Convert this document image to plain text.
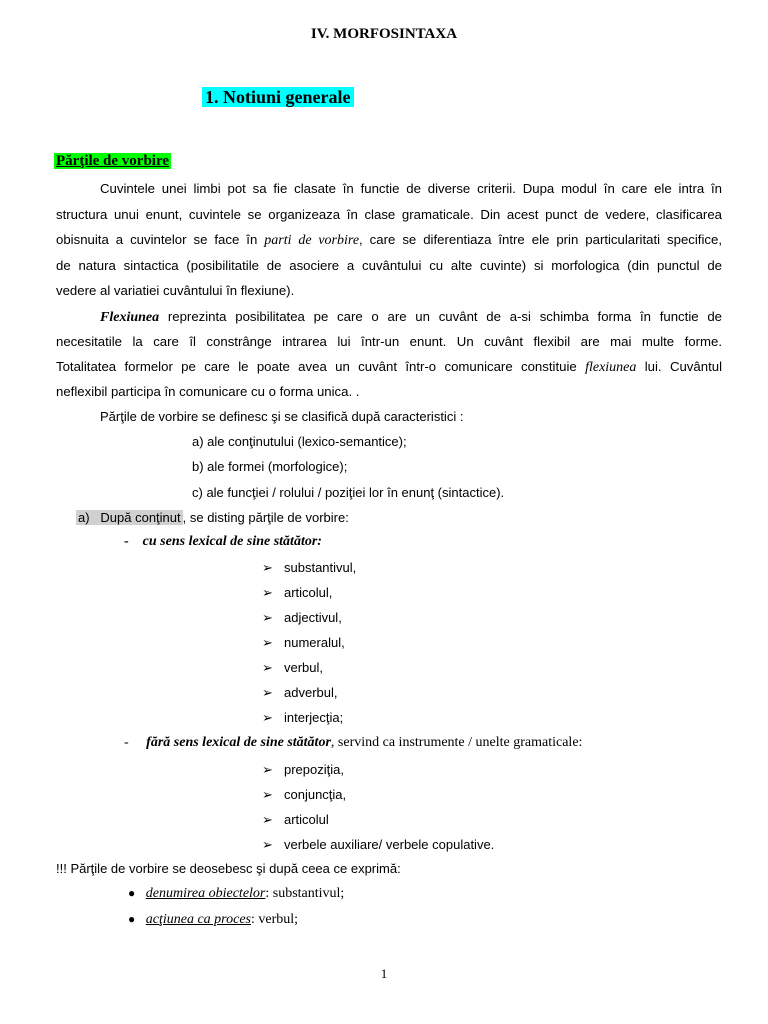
IV. MORFOSINTAXA
1. Notiuni generale
Părţile de vorbire
Cuvintele unei limbi pot sa fie clasate în functie de diverse criterii. Dupa modul în care ele intra în
structura unui enunt, cuvintele se organizeaza în clase gramaticale. Din acest punct de vedere, clasificarea
obisnuita a cuvintelor se face în parti de vorbire, care se diferentiaza între ele prin particularitati specifice,
de natura sintactica (posibilitatile de asociere a cuvântului cu alte cuvinte) si morfologica (din punctul de
vedere al variatiei cuvântului în flexiune).
Flexiunea reprezinta posibilitatea pe care o are un cuvânt de a-si schimba forma în functie de
necesitatile la care îl constrânge intrarea lui într-un enunt. Un cuvânt flexibil are mai multe forme.
Totalitatea formelor pe care le poate avea un cuvânt într-o comunicare constituie flexiunea lui. Cuvântul
neflexibil participa în comunicare cu o forma unica. .
Părţile de vorbire se definesc şi se clasifică după caracteristici :
a) ale conţinutului (lexico-semantice);
b) ale formei (morfologice);
c) ale funcţiei / rolului / poziţiei lor în enunţ (sintactice).
a) După conţinut , se disting părţile de vorbire:
- cu sens lexical de sine stătător:
➢ substantivul,
➢ articolul,
➢ adjectivul,
➢ numeralul,
➢ verbul,
➢ adverbul,
➢ interjecţia;
- fără sens lexical de sine stătător, servind ca instrumente / unelte gramaticale:
➢ prepoziţia,
➢ conjuncţia,
➢ articolul
➢ verbele auxiliare/ verbele copulative.
!!! Părţile de vorbire se deosebesc şi după ceea ce exprimă:
● denumirea obiectelor: substantivul;
● acţiunea ca proces: verbul;
1
